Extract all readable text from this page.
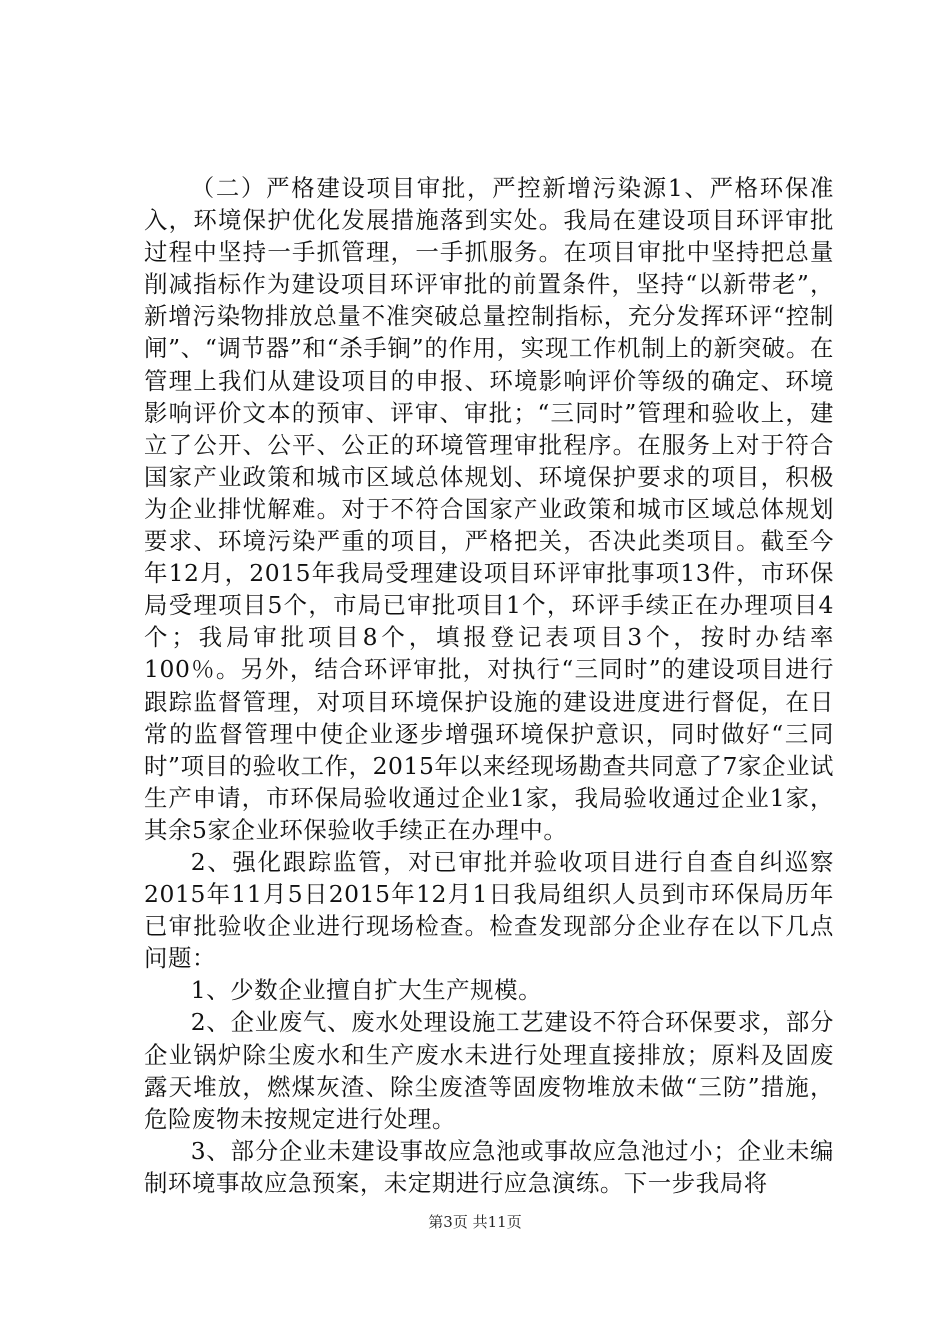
（二）严格建设项目审批，严控新增污染源1、严格环保准入，环境保护优化发展措施落到实处。我局在建设项目环评审批过程中坚持一手抓管理，一手抓服务。在项目审批中坚持把总量削减指标作为建设项目环评审批的前置条件，坚持“以新带老”，新增污染物排放总量不准突破总量控制指标，充分发挥环评“控制闸”、“调节器”和“杀手锏”的作用，实现工作机制上的新突破。在管理上我们从建设项目的申报、环境影响评价等级的确定、环境影响评价文本的预审、评审、审批；“三同时”管理和验收上，建立了公开、公平、公正的环境管理审批程序。在服务上对于符合国家产业政策和城市区域总体规划、环境保护要求的项目，积极为企业排忧解难。对于不符合国家产业政策和城市区域总体规划要求、环境污染严重的项目，严格把关，否决此类项目。截至今年12月，2015年我局受理建设项目环评审批事项13件，市环保局受理项目5个，市局已审批项目1个，环评手续正在办理项目4个；我局审批项目8个，填报登记表项目3个，按时办结率100％。另外，结合环评审批，对执行“三同时”的建设项目进行跟踪监督管理，对项目环境保护设施的建设进度进行督促，在日常的监督管理中使企业逐步增强环境保护意识，同时做好“三同时”项目的验收工作，2015年以来经现场勘查共同意了7家企业试生产申请，市环保局验收通过企业1家，我局验收通过企业1家，其余5家企业环保验收手续正在办理中。

2、强化跟踪监管，对已审批并验收项目进行自查自纠巡察2015年11月5日2015年12月1日我局组织人员到市环保局历年已审批验收企业进行现场检查。检查发现部分企业存在以下几点问题：

1、少数企业擅自扩大生产规模。

2、企业废气、废水处理设施工艺建设不符合环保要求，部分企业锅炉除尘废水和生产废水未进行处理直接排放；原料及固废露天堆放，燃煤灰渣、除尘废渣等固废物堆放未做“三防”措施，危险废物未按规定进行处理。

3、部分企业未建设事故应急池或事故应急池过小；企业未编制环境事故应急预案，未定期进行应急演练。下一步我局将

第3页 共11页
